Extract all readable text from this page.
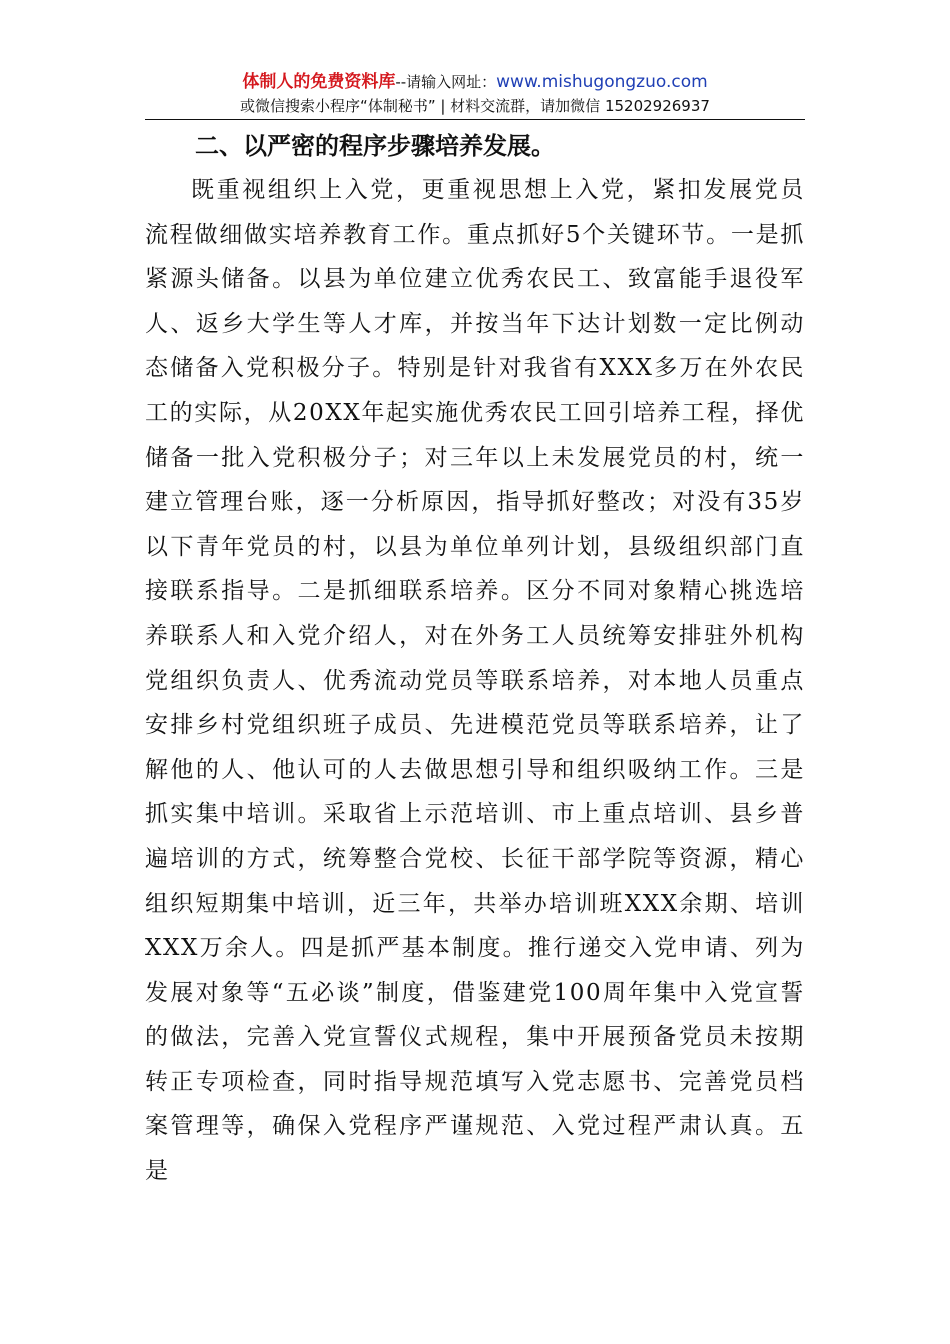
体制人的免费资料库--请输入网址：www.mishugongzuo.com
或微信搜索小程序“体制秘书” | 材料交流群，请加微信 15202926937
二、以严密的程序步骤培养发展。

既重视组织上入党，更重视思想上入党，紧扣发展党员流程做细做实培养教育工作。重点抓好5个关键环节。一是抓紧源头储备。以县为单位建立优秀农民工、致富能手退役军人、返乡大学生等人才库，并按当年下达计划数一定比例动态储备入党积极分子。特别是针对我省有XXX多万在外农民工的实际，从20XX年起实施优秀农民工回引培养工程，择优储备一批入党积极分子；对三年以上未发展党员的村，统一建立管理台账，逐一分析原因，指导抓好整改；对没有35岁以下青年党员的村，以县为单位单列计划，县级组织部门直接联系指导。二是抓细联系培养。区分不同对象精心挑选培养联系人和入党介绍人，对在外务工人员统筹安排驻外机构党组织负责人、优秀流动党员等联系培养，对本地人员重点安排乡村党组织班子成员、先进模范党员等联系培养，让了解他的人、他认可的人去做思想引导和组织吸纳工作。三是抓实集中培训。采取省上示范培训、市上重点培训、县乡普遍培训的方式，统筹整合党校、长征干部学院等资源，精心组织短期集中培训，近三年，共举办培训班XXX余期、培训XXX万余人。四是抓严基本制度。推行递交入党申请、列为发展对象等“五必谈”制度，借鉴建党100周年集中入党宣誓的做法，完善入党宣誓仪式规程，集中开展预备党员未按期转正专项检查，同时指导规范填写入党志愿书、完善党员档案管理等，确保入党程序严谨规范、入党过程严肃认真。五是
